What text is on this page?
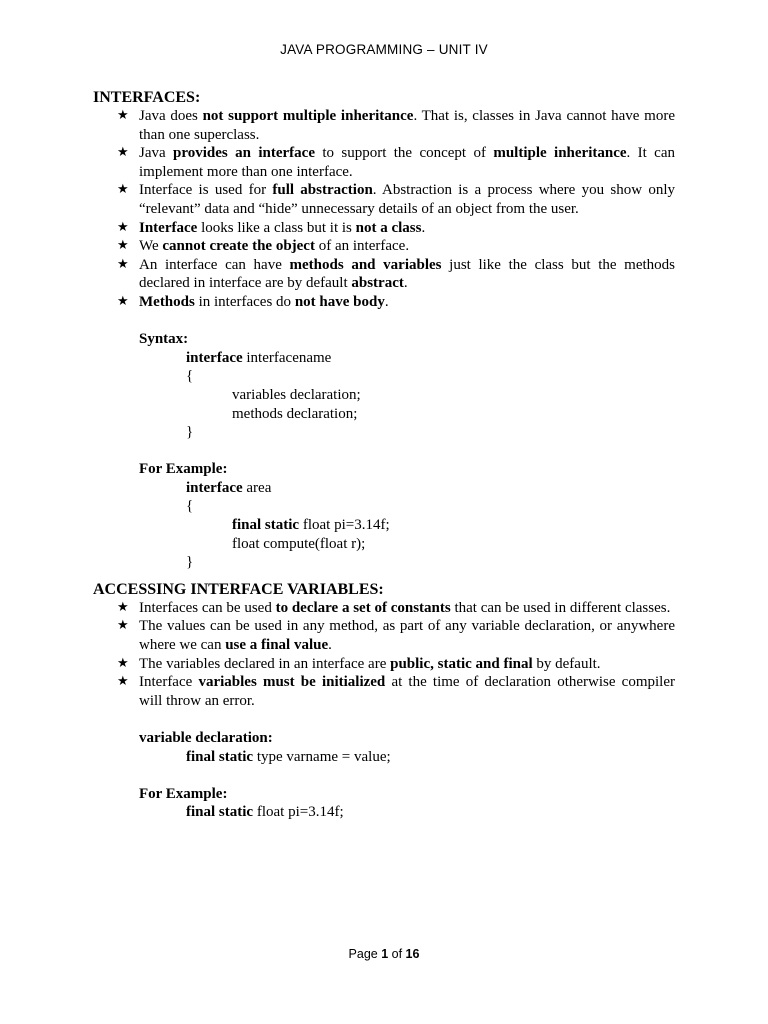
JAVA PROGRAMMING – UNIT IV
INTERFACES:
★ Java does not support multiple inheritance. That is, classes in Java cannot have more than one superclass.
★ Java provides an interface to support the concept of multiple inheritance. It can implement more than one interface.
★ Interface is used for full abstraction. Abstraction is a process where you show only “relevant” data and “hide” unnecessary details of an object from the user.
★ Interface looks like a class but it is not a class.
★ We cannot create the object of an interface.
★ An interface can have methods and variables just like the class but the methods declared in interface are by default abstract.
★ Methods in interfaces do not have body.
Syntax:
interface interfacename
{
variables declaration;
methods declaration;
}
For Example:
interface area
{
final static float pi=3.14f;
float compute(float r);
}
ACCESSING INTERFACE VARIABLES:
★ Interfaces can be used to declare a set of constants that can be used in different classes.
★ The values can be used in any method, as part of any variable declaration, or anywhere where we can use a final value.
★ The variables declared in an interface are public, static and final by default.
★ Interface variables must be initialized at the time of declaration otherwise compiler will throw an error.
variable declaration:
final static type varname = value;
For Example:
final static float pi=3.14f;
Page 1 of 16
